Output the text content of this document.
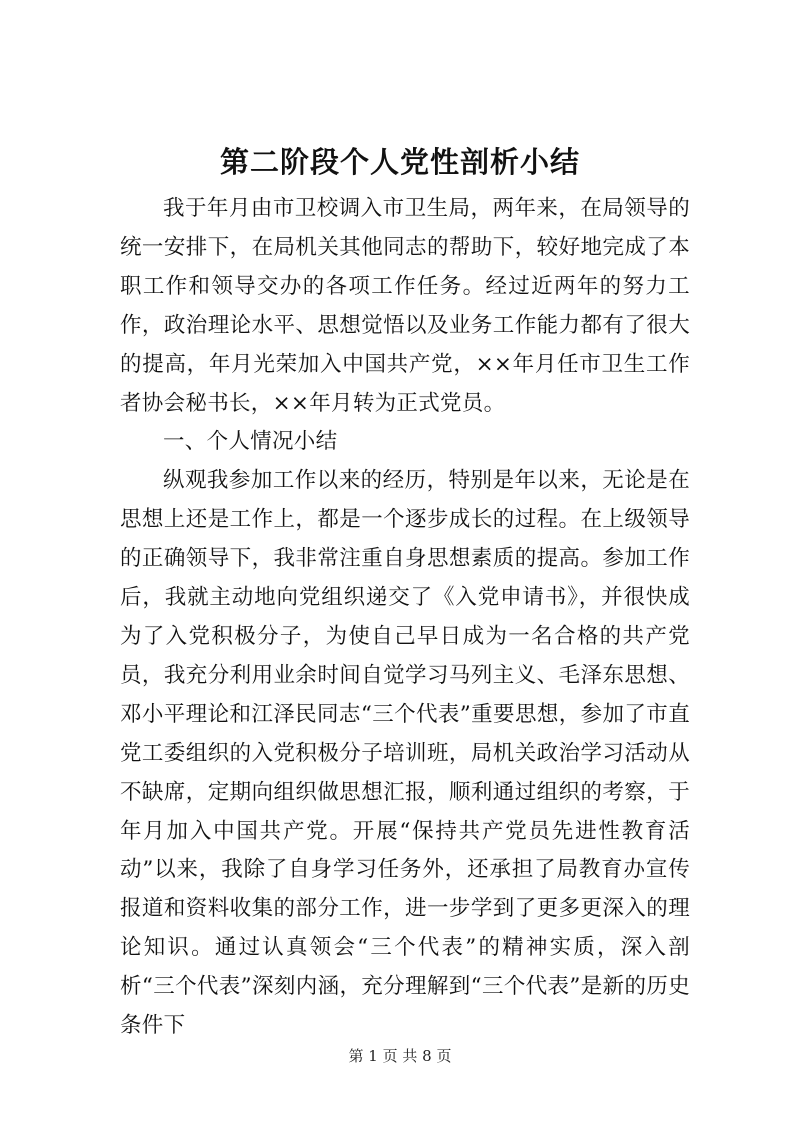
第二阶段个人党性剖析小结

我于年月由市卫校调入市卫生局，两年来，在局领导的统一安排下，在局机关其他同志的帮助下，较好地完成了本职工作和领导交办的各项工作任务。经过近两年的努力工作，政治理论水平、思想觉悟以及业务工作能力都有了很大的提高，年月光荣加入中国共产党，××年月任市卫生工作者协会秘书长，××年月转为正式党员。

一、个人情况小结

纵观我参加工作以来的经历，特别是年以来，无论是在思想上还是工作上，都是一个逐步成长的过程。在上级领导的正确领导下，我非常注重自身思想素质的提高。参加工作后，我就主动地向党组织递交了《入党申请书》，并很快成为了入党积极分子，为使自己早日成为一名合格的共产党员，我充分利用业余时间自觉学习马列主义、毛泽东思想、邓小平理论和江泽民同志“三个代表”重要思想，参加了市直党工委组织的入党积极分子培训班，局机关政治学习活动从不缺席，定期向组织做思想汇报，顺利通过组织的考察，于年月加入中国共产党。开展“保持共产党员先进性教育活动”以来，我除了自身学习任务外，还承担了局教育办宣传报道和资料收集的部分工作，进一步学到了更多更深入的理论知识。通过认真领会“三个代表”的精神实质，深入剖析“三个代表”深刻内涵，充分理解到“三个代表”是新的历史条件下

第 1 页 共 8 页
